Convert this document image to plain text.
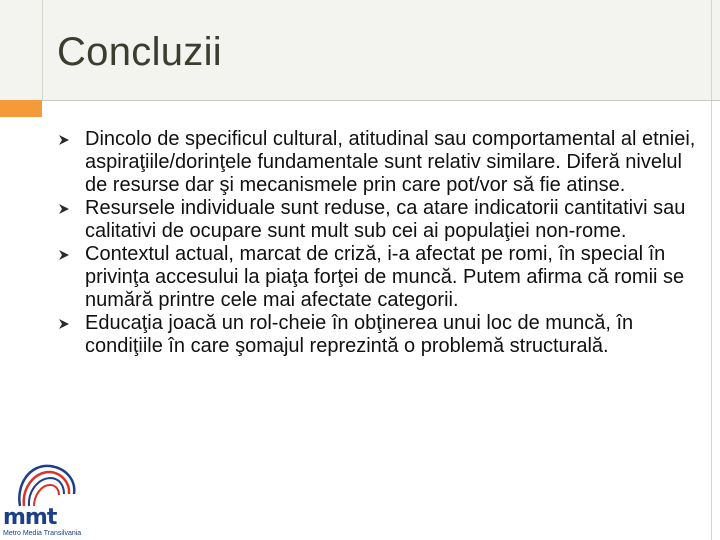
Concluzii
Dincolo de specificul cultural, atitudinal sau comportamental al etniei, aspiraţiile/dorinţele fundamentale sunt relativ similare. Diferă nivelul de resurse dar şi mecanismele prin care pot/vor să fie atinse.
Resursele individuale sunt reduse, ca atare indicatorii cantitativi sau calitativi de ocupare sunt mult sub cei ai populaţiei non-rome.
Contextul actual, marcat de criză, i-a afectat pe romi, în special în privinţa accesului la piaţa forţei de muncă. Putem afirma că romii se numără printre cele mai afectate categorii.
Educaţia joacă un rol-cheie în obţinerea unui loc de muncă, în condiţiile în care şomajul reprezintă o problemă structurală.
mmt
Metro Media Transilvania
